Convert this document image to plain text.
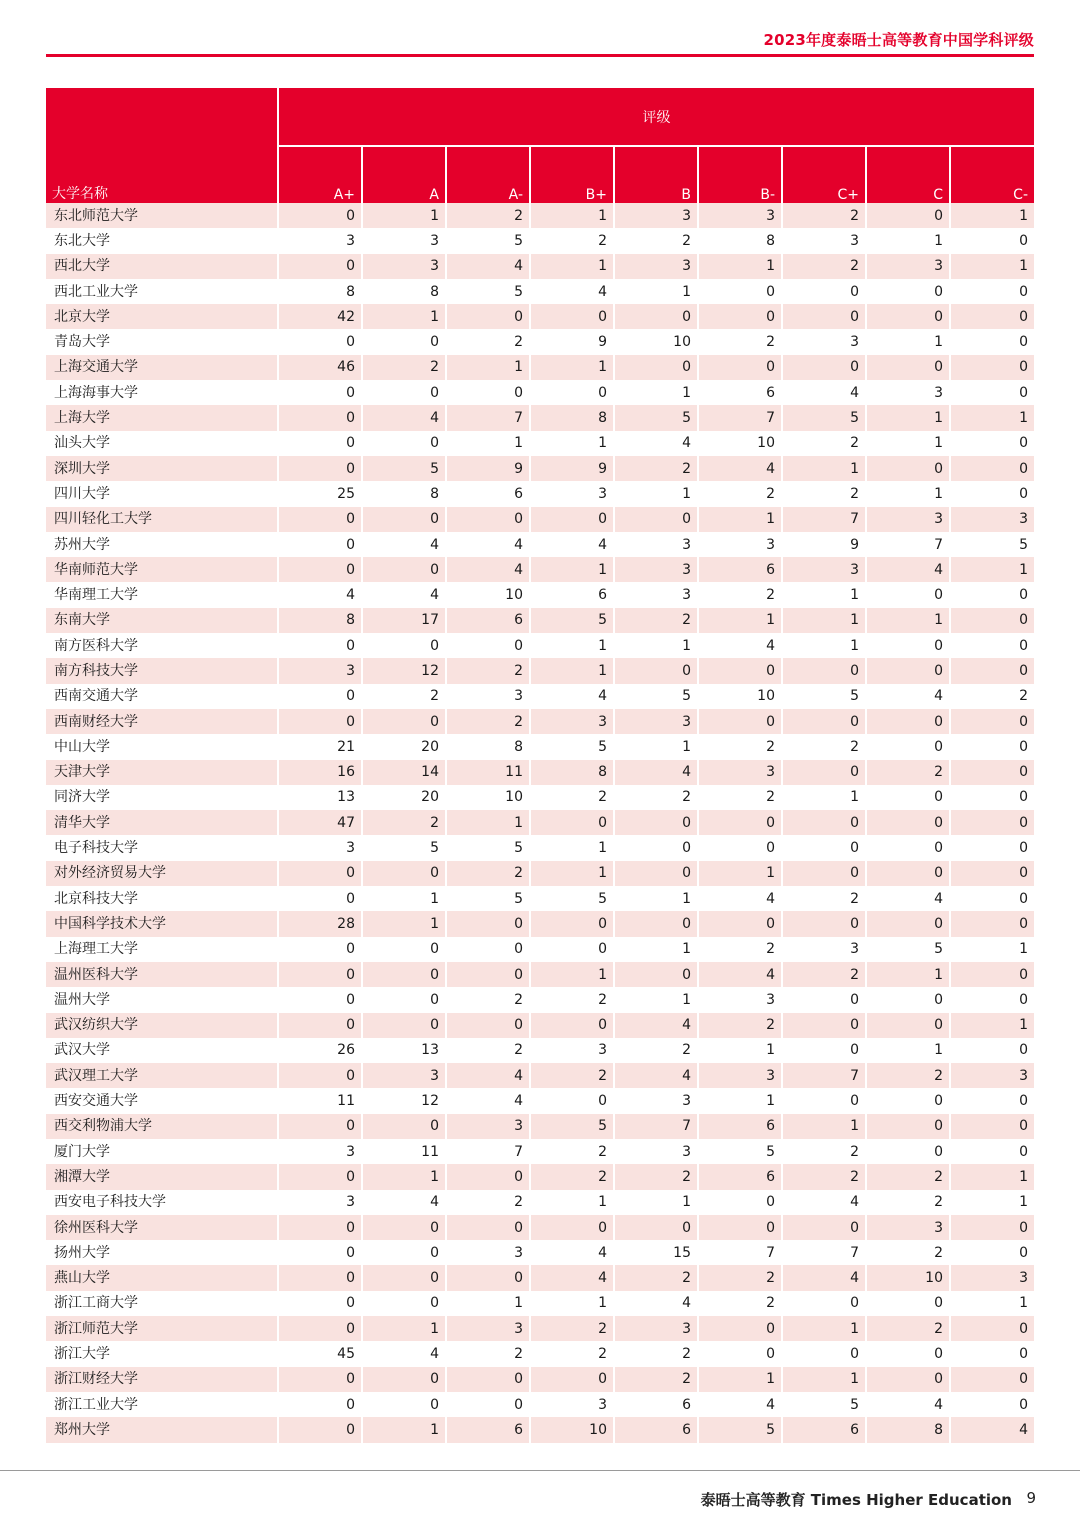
2023年度泰晤士高等教育中国学科评级
大学名称	评级								
	A+	A	A-	B+	B	B-	C+	C	C-
东北师范大学	0	1	2	1	3	3	2	0	1
东北大学	3	3	5	2	2	8	3	1	0
西北大学	0	3	4	1	3	1	2	3	1
西北工业大学	8	8	5	4	1	0	0	0	0
北京大学	42	1	0	0	0	0	0	0	0
青岛大学	0	0	2	9	10	2	3	1	0
上海交通大学	46	2	1	1	0	0	0	0	0
上海海事大学	0	0	0	0	1	6	4	3	0
上海大学	0	4	7	8	5	7	5	1	1
汕头大学	0	0	1	1	4	10	2	1	0
深圳大学	0	5	9	9	2	4	1	0	0
四川大学	25	8	6	3	1	2	2	1	0
四川轻化工大学	0	0	0	0	0	1	7	3	3
苏州大学	0	4	4	4	3	3	9	7	5
华南师范大学	0	0	4	1	3	6	3	4	1
华南理工大学	4	4	10	6	3	2	1	0	0
东南大学	8	17	6	5	2	1	1	1	0
南方医科大学	0	0	0	1	1	4	1	0	0
南方科技大学	3	12	2	1	0	0	0	0	0
西南交通大学	0	2	3	4	5	10	5	4	2
西南财经大学	0	0	2	3	3	0	0	0	0
中山大学	21	20	8	5	1	2	2	0	0
天津大学	16	14	11	8	4	3	0	2	0
同济大学	13	20	10	2	2	2	1	0	0
清华大学	47	2	1	0	0	0	0	0	0
电子科技大学	3	5	5	1	0	0	0	0	0
对外经济贸易大学	0	0	2	1	0	1	0	0	0
北京科技大学	0	1	5	5	1	4	2	4	0
中国科学技术大学	28	1	0	0	0	0	0	0	0
上海理工大学	0	0	0	0	1	2	3	5	1
温州医科大学	0	0	0	1	0	4	2	1	0
温州大学	0	0	2	2	1	3	0	0	0
武汉纺织大学	0	0	0	0	4	2	0	0	1
武汉大学	26	13	2	3	2	1	0	1	0
武汉理工大学	0	3	4	2	4	3	7	2	3
西安交通大学	11	12	4	0	3	1	0	0	0
西交利物浦大学	0	0	3	5	7	6	1	0	0
厦门大学	3	11	7	2	3	5	2	0	0
湘潭大学	0	1	0	2	2	6	2	2	1
西安电子科技大学	3	4	2	1	1	0	4	2	1
徐州医科大学	0	0	0	0	0	0	0	3	0
扬州大学	0	0	3	4	15	7	7	2	0
燕山大学	0	0	0	4	2	2	4	10	3
浙江工商大学	0	0	1	1	4	2	0	0	1
浙江师范大学	0	1	3	2	3	0	1	2	0
浙江大学	45	4	2	2	2	0	0	0	0
浙江财经大学	0	0	0	0	2	1	1	0	0
浙江工业大学	0	0	0	3	6	4	5	4	0
郑州大学	0	1	6	10	6	5	6	8	4
泰晤士高等教育 Times Higher Education 9
